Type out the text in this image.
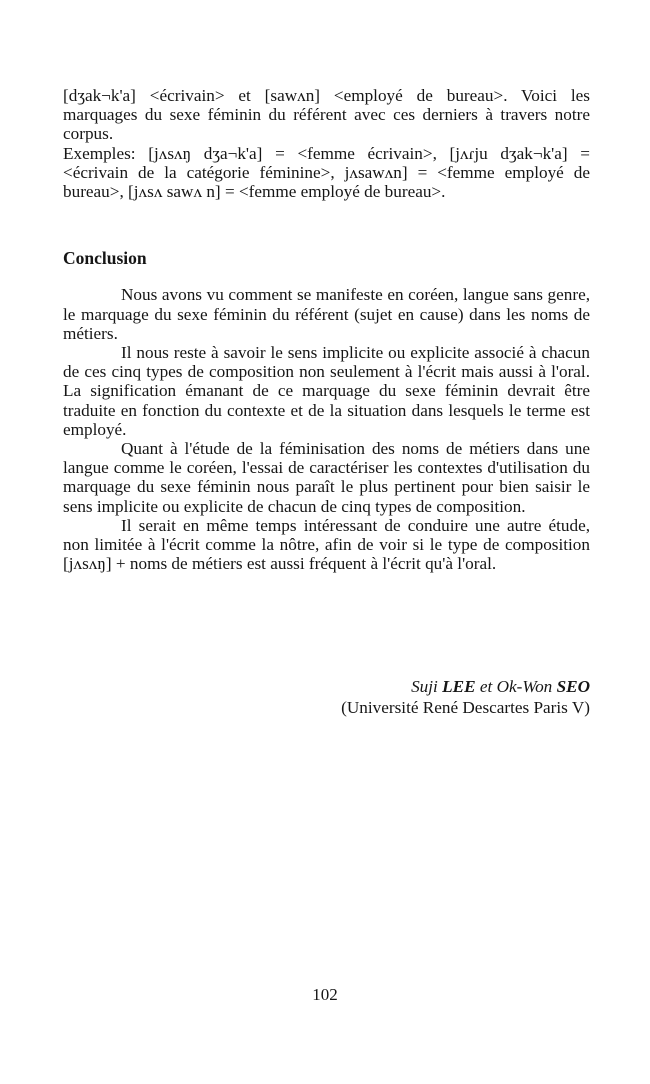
[dʒak¬k'a] <écrivain> et [sawʌn] <employé de bureau>. Voici les marquages du sexe féminin du référent avec ces derniers à travers notre corpus.

Exemples: [jʌsʌŋ dʒa¬k'a] = <femme écrivain>, [jʌɾju dʒak¬k'a] = <écrivain de la catégorie féminine>, jʌsawʌn] = <femme employé de bureau>, [jʌsʌ sawʌ n] = <femme employé de bureau>.

Conclusion

Nous avons vu comment se manifeste en coréen, langue sans genre, le marquage du sexe féminin du référent (sujet en cause) dans les noms de métiers.

Il nous reste à savoir le sens implicite ou explicite associé à chacun de ces cinq types de composition non seulement à l'écrit mais aussi à l'oral. La signification émanant de ce marquage du sexe féminin devrait être traduite en fonction du contexte et de la situation dans lesquels le terme est employé.

Quant à l'étude de la féminisation des noms de métiers dans une langue comme le coréen, l'essai de caractériser les contextes d'utilisation du marquage du sexe féminin nous paraît le plus pertinent pour bien saisir le sens implicite ou explicite de chacun de cinq types de composition.

Il serait en même temps intéressant de conduire une autre étude, non limitée à l'écrit comme la nôtre, afin de voir si le type de composition [jʌsʌŋ] + noms de métiers est aussi fréquent à l'écrit qu'à l'oral.

Suji LEE et Ok-Won SEO
(Université René Descartes Paris V)
102
